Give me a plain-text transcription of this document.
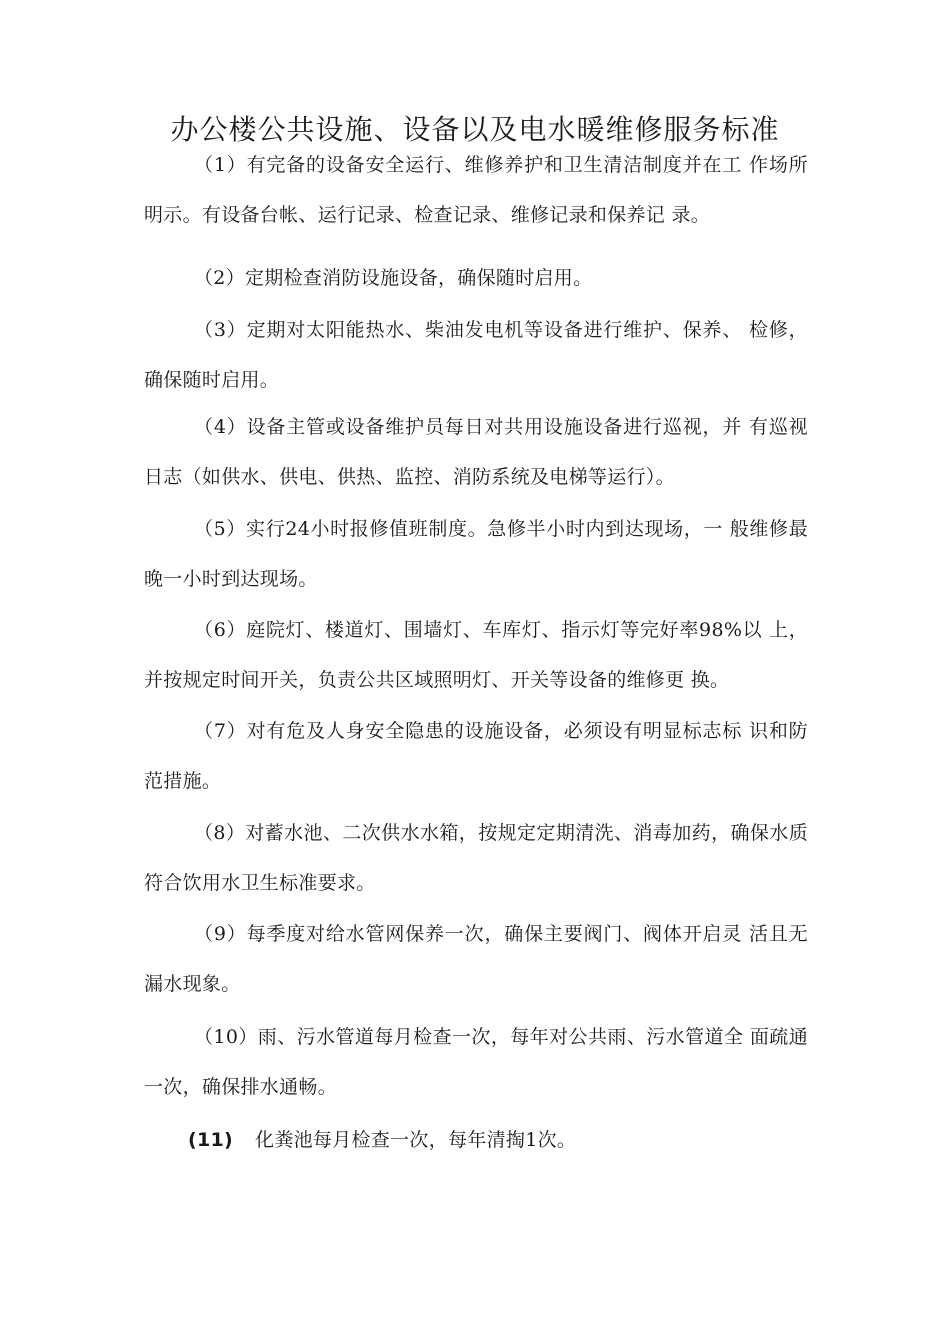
办公楼公共设施、设备以及电水暖维修服务标准

（1）有完备的设备安全运行、维修养护和卫生清洁制度并在工 作场所明示。有设备台帐、运行记录、检查记录、维修记录和保养记 录。

（2）定期检查消防设施设备，确保随时启用。

（3）定期对太阳能热水、柴油发电机等设备进行维护、保养、 检修，确保随时启用。

（4）设备主管或设备维护员每日对共用设施设备进行巡视，并 有巡视日志（如供水、供电、供热、监控、消防系统及电梯等运行）。

（5）实行24小时报修值班制度。急修半小时内到达现场，一 般维修最晚一小时到达现场。

（6）庭院灯、楼道灯、围墙灯、车库灯、指示灯等完好率98%以 上，并按规定时间开关，负责公共区域照明灯、开关等设备的维修更 换。

（7）对有危及人身安全隐患的设施设备，必须设有明显标志标 识和防范措施。

（8）对蓄水池、二次供水水箱，按规定定期清洗、消毒加药，确保水质符合饮用水卫生标准要求。

（9）每季度对给水管网保养一次，确保主要阀门、阀体开启灵 活且无漏水现象。

（10）雨、污水管道每月检查一次，每年对公共雨、污水管道全 面疏通一次，确保排水通畅。

(11) 化粪池每月检查一次，每年清掏1次。
